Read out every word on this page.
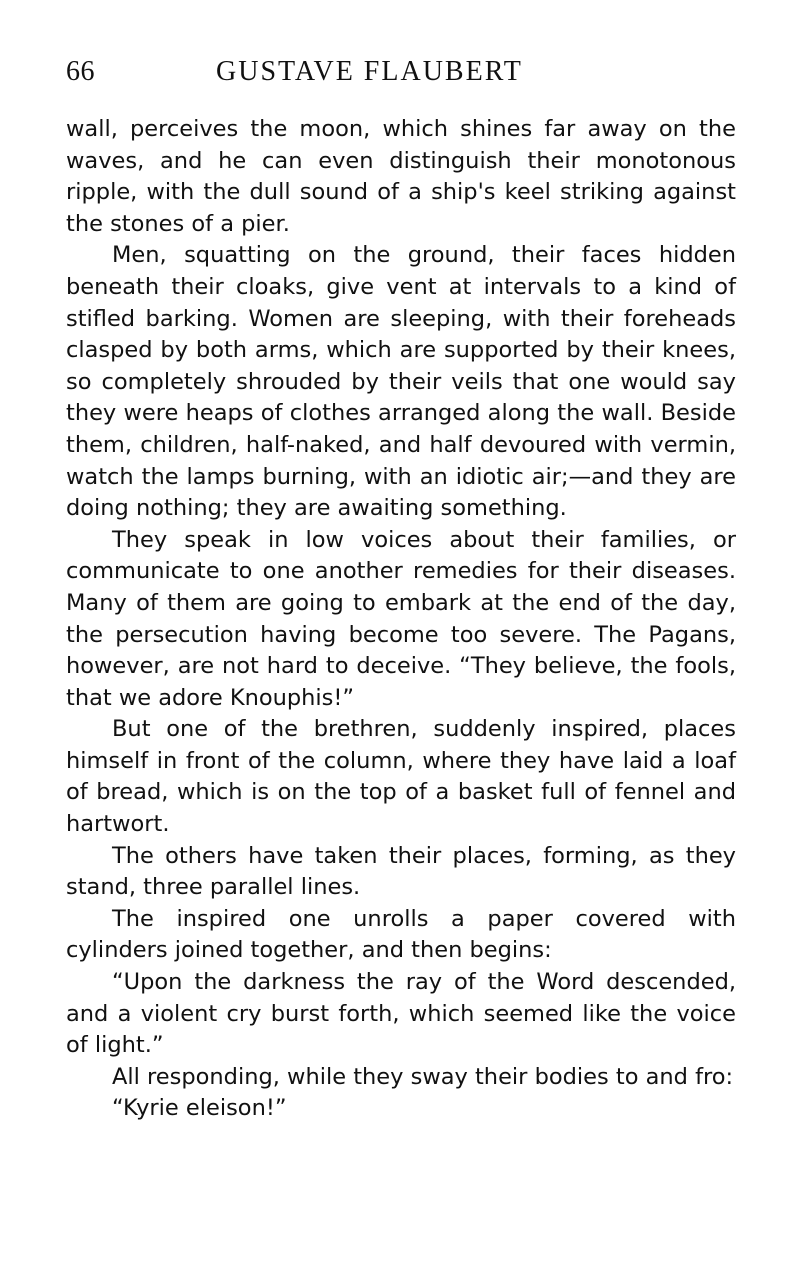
66	GUSTAVE FLAUBERT

wall, perceives the moon, which shines far away on the waves, and he can even distinguish their monotonous ripple, with the dull sound of a ship's keel striking against the stones of a pier.

Men, squatting on the ground, their faces hidden beneath their cloaks, give vent at intervals to a kind of stifled barking. Women are sleeping, with their foreheads clasped by both arms, which are supported by their knees, so completely shrouded by their veils that one would say they were heaps of clothes arranged along the wall. Beside them, children, half-naked, and half devoured with vermin, watch the lamps burning, with an idiotic air;—and they are doing nothing; they are awaiting something.

They speak in low voices about their families, or communicate to one another remedies for their diseases. Many of them are going to embark at the end of the day, the persecution having become too severe. The Pagans, however, are not hard to deceive. “They believe, the fools, that we adore Knouphis!”

But one of the brethren, suddenly inspired, places himself in front of the column, where they have laid a loaf of bread, which is on the top of a basket full of fennel and hartwort.

The others have taken their places, forming, as they stand, three parallel lines.

The inspired one unrolls a paper covered with cylinders joined together, and then begins:

“Upon the darkness the ray of the Word descended, and a violent cry burst forth, which seemed like the voice of light.”

All responding, while they sway their bodies to and fro:

“Kyrie eleison!”
